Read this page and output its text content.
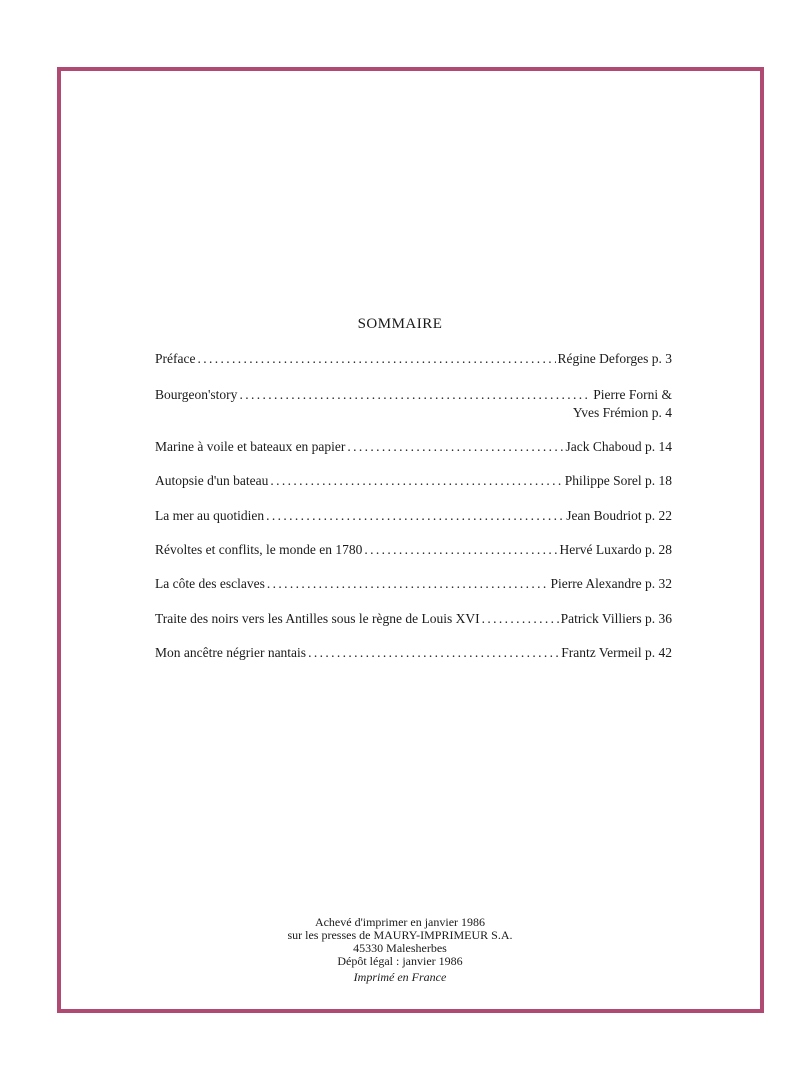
SOMMAIRE
Préface . . .	Régine Deforges p. 3
Bourgeon'story . . .	Pierre Forni &
Yves Frémion p. 4
Marine à voile et bateaux en papier . . .	Jack Chaboud p. 14
Autopsie d'un bateau . . .	Philippe Sorel p. 18
La mer au quotidien . . .	Jean Boudriot p. 22
Révoltes et conflits, le monde en 1780 . . .	Hervé Luxardo p. 28
La côte des esclaves . . .	Pierre Alexandre p. 32
Traite des noirs vers les Antilles sous le règne de Louis XVI . . .	Patrick Villiers p. 36
Mon ancêtre négrier nantais . . .	Frantz Vermeil p. 42

Achevé d'imprimer en janvier 1986

sur les presses de MAURY-IMPRIMEUR S.A.

45330 Malesherbes

Dépôt légal : janvier 1986

Imprimé en France
